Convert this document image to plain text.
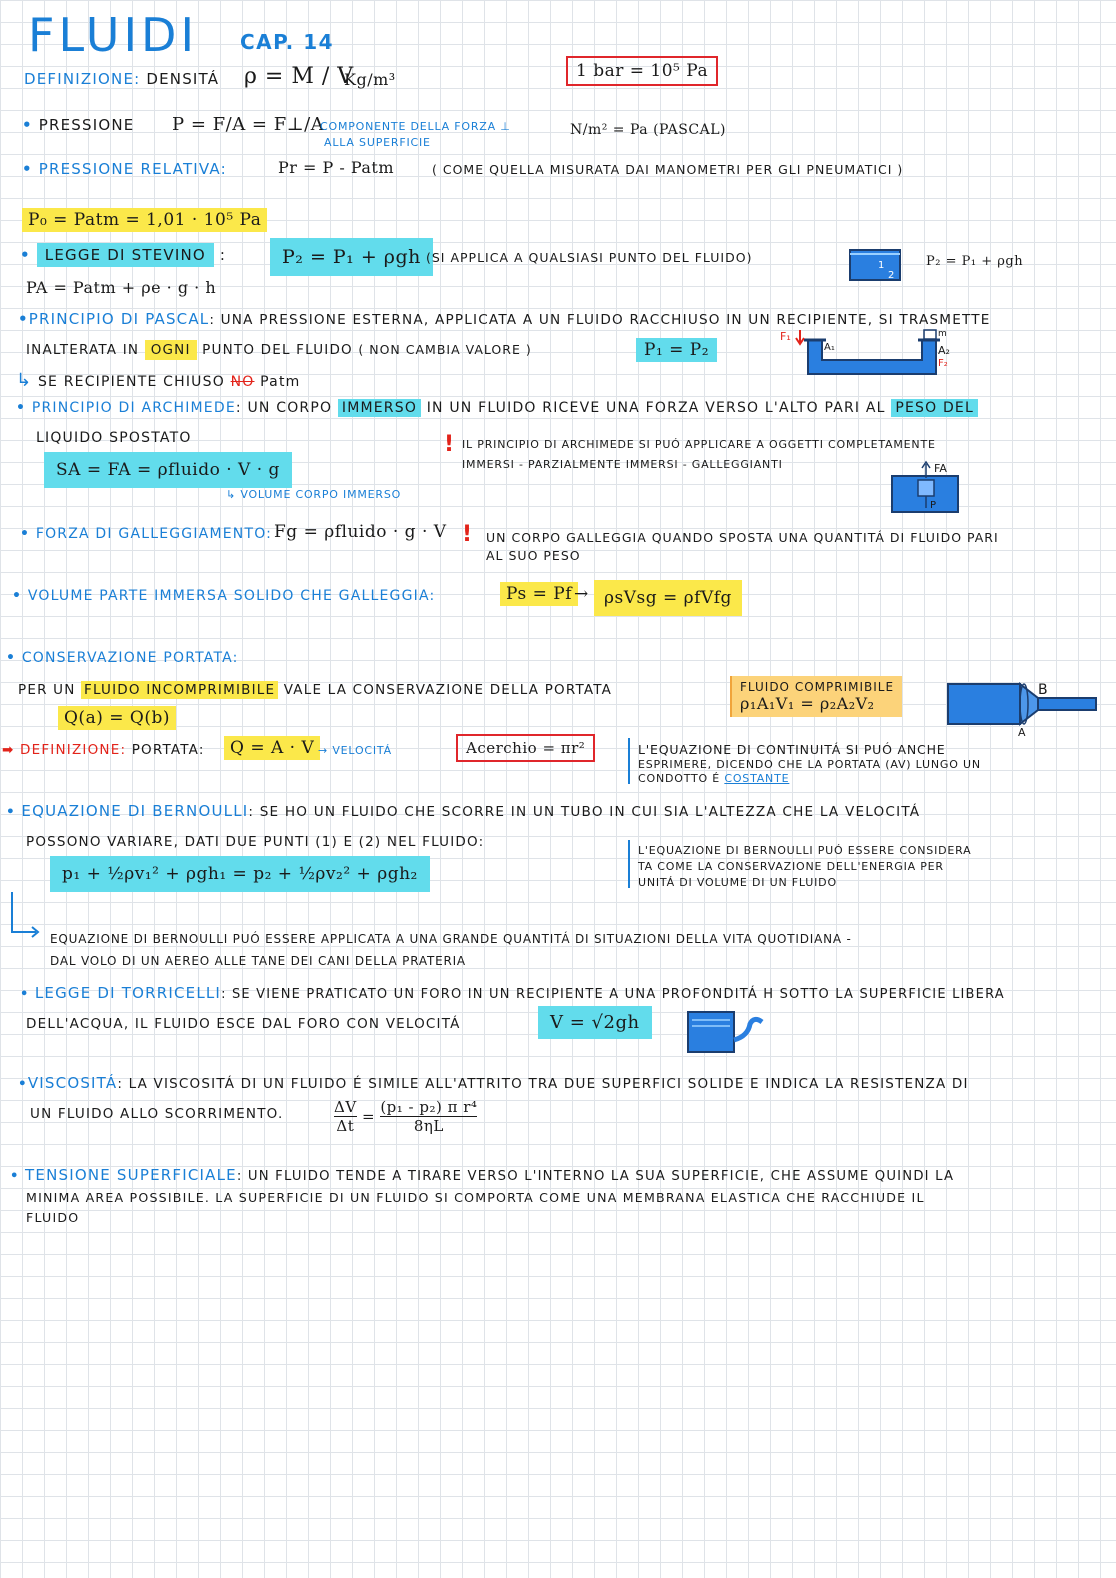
FLUIDI CAP. 14
1 bar = 10⁵ Pa
DEFINIZIONE: DENSITÁ ρ = M / V
Kg/m³
• PRESSIONE P = F/A = F⊥/A
COMPONENTE DELLA FORZA ⊥
ALLA SUPERFICIE
N/m² = Pa (PASCAL)
• PRESSIONE RELATIVA:	Pr = P - Patm	( COME QUELLA MISURATA DAI MANOMETRI PER GLI PNEUMATICI )
P₀ = Patm = 1,01 · 10⁵ Pa
• LEGGE DI STEVINO :	P₂ = P₁ + ρgh (SI APPLICA A QUALSIASI PUNTO DEL FLUIDO)
1
2
P₂ = P₁ + ρgh
PA = Patm + ρe · g · h
•PRINCIPIO DI PASCAL: UNA PRESSIONE ESTERNA, APPLICATA A UN FLUIDO RACCHIUSO IN UN RECIPIENTE, SI TRASMETTE
INALTERATA IN OGNI PUNTO DEL FLUIDO ( NON CAMBIA VALORE )	P₁ = P₂
↳ SE RECIPIENTE CHIUSO NO Patm
F₁
A₁	A₂
F₂
m
• PRINCIPIO DI ARCHIMEDE: UN CORPO IMMERSO IN UN FLUIDO RICEVE UNA FORZA VERSO L'ALTO PARI AL PESO DEL
LIQUIDO SPOSTATO
SA = FA = ρfluido · V · g
↳ VOLUME CORPO IMMERSO
! IL PRINCIPIO DI ARCHIMEDE SI PUÓ APPLICARE A OGGETTI COMPLETAMENTE
IMMERSI - PARZIALMENTE IMMERSI - GALLEGGIANTI	FA
P
• FORZA DI GALLEGGIAMENTO: Fg = ρfluido · g · V ! UN CORPO GALLEGGIA QUANDO SPOSTA UNA QUANTITÁ DI FLUIDO PARI
AL SUO PESO
• VOLUME PARTE IMMERSA SOLIDO CHE GALLEGGIA:	Ps = Pf → ρsVsg = ρfVfg
• CONSERVAZIONE PORTATA:
PER UN FLUIDO INCOMPRIMIBILE VALE LA CONSERVAZIONE DELLA PORTATA
Q(a) = Q(b)
FLUIDO COMPRIMIBILE
ρ₁A₁V₁ = ρ₂A₂V₂
B
A
➡ DEFINIZIONE: PORTATA:	Q = A · V → VELOCITÁ	Acerchio = πr²	L'EQUAZIONE DI CONTINUITÁ SI PUÓ ANCHE
ESPRIMERE, DICENDO CHE LA PORTATA (AV) LUNGO UN
CONDOTTO É COSTANTE
• EQUAZIONE DI BERNOULLI: SE HO UN FLUIDO CHE SCORRE IN UN TUBO IN CUI SIA L'ALTEZZA CHE LA VELOCITÁ
POSSONO VARIARE, DATI DUE PUNTI (1) E (2) NEL FLUIDO:
p₁ + ½ρv₁² + ρgh₁ = p₂ + ½ρv₂² + ρgh₂
L'EQUAZIONE DI BERNOULLI PUÓ ESSERE CONSIDERA
TA COME LA CONSERVAZIONE DELL'ENERGIA PER
UNITÁ DI VOLUME DI UN FLUIDO
EQUAZIONE DI BERNOULLI PUÓ ESSERE APPLICATA A UNA GRANDE QUANTITÁ DI SITUAZIONI DELLA VITA QUOTIDIANA -
DAL VOLO DI UN AEREO ALLE TANE DEI CANI DELLA PRATERIA
• LEGGE DI TORRICELLI: SE VIENE PRATICATO UN FORO IN UN RECIPIENTE A UNA PROFONDITÁ H SOTTO LA SUPERFICIE LIBERA
DELL'ACQUA, IL FLUIDO ESCE DAL FORO CON VELOCITÁ	V = √2gh
•VISCOSITÁ: LA VISCOSITÁ DI UN FLUIDO É SIMILE ALL'ATTRITO TRA DUE SUPERFICI SOLIDE E INDICA LA RESISTENZA DI
UN FLUIDO ALLO SCORRIMENTO.	$\frac{\Delta V}{\Delta t} = \frac{\text{(p₁ - p₂) π r⁴}}{8\eta L}$
• TENSIONE SUPERFICIALE: UN FLUIDO TENDE A TIRARE VERSO L'INTERNO LA SUA SUPERFICIE, CHE ASSUME QUINDI LA
MINIMA AREA POSSIBILE. LA SUPERFICIE DI UN FLUIDO SI COMPORTA COME UNA MEMBRANA ELASTICA CHE RACCHIUDE IL
FLUIDO
